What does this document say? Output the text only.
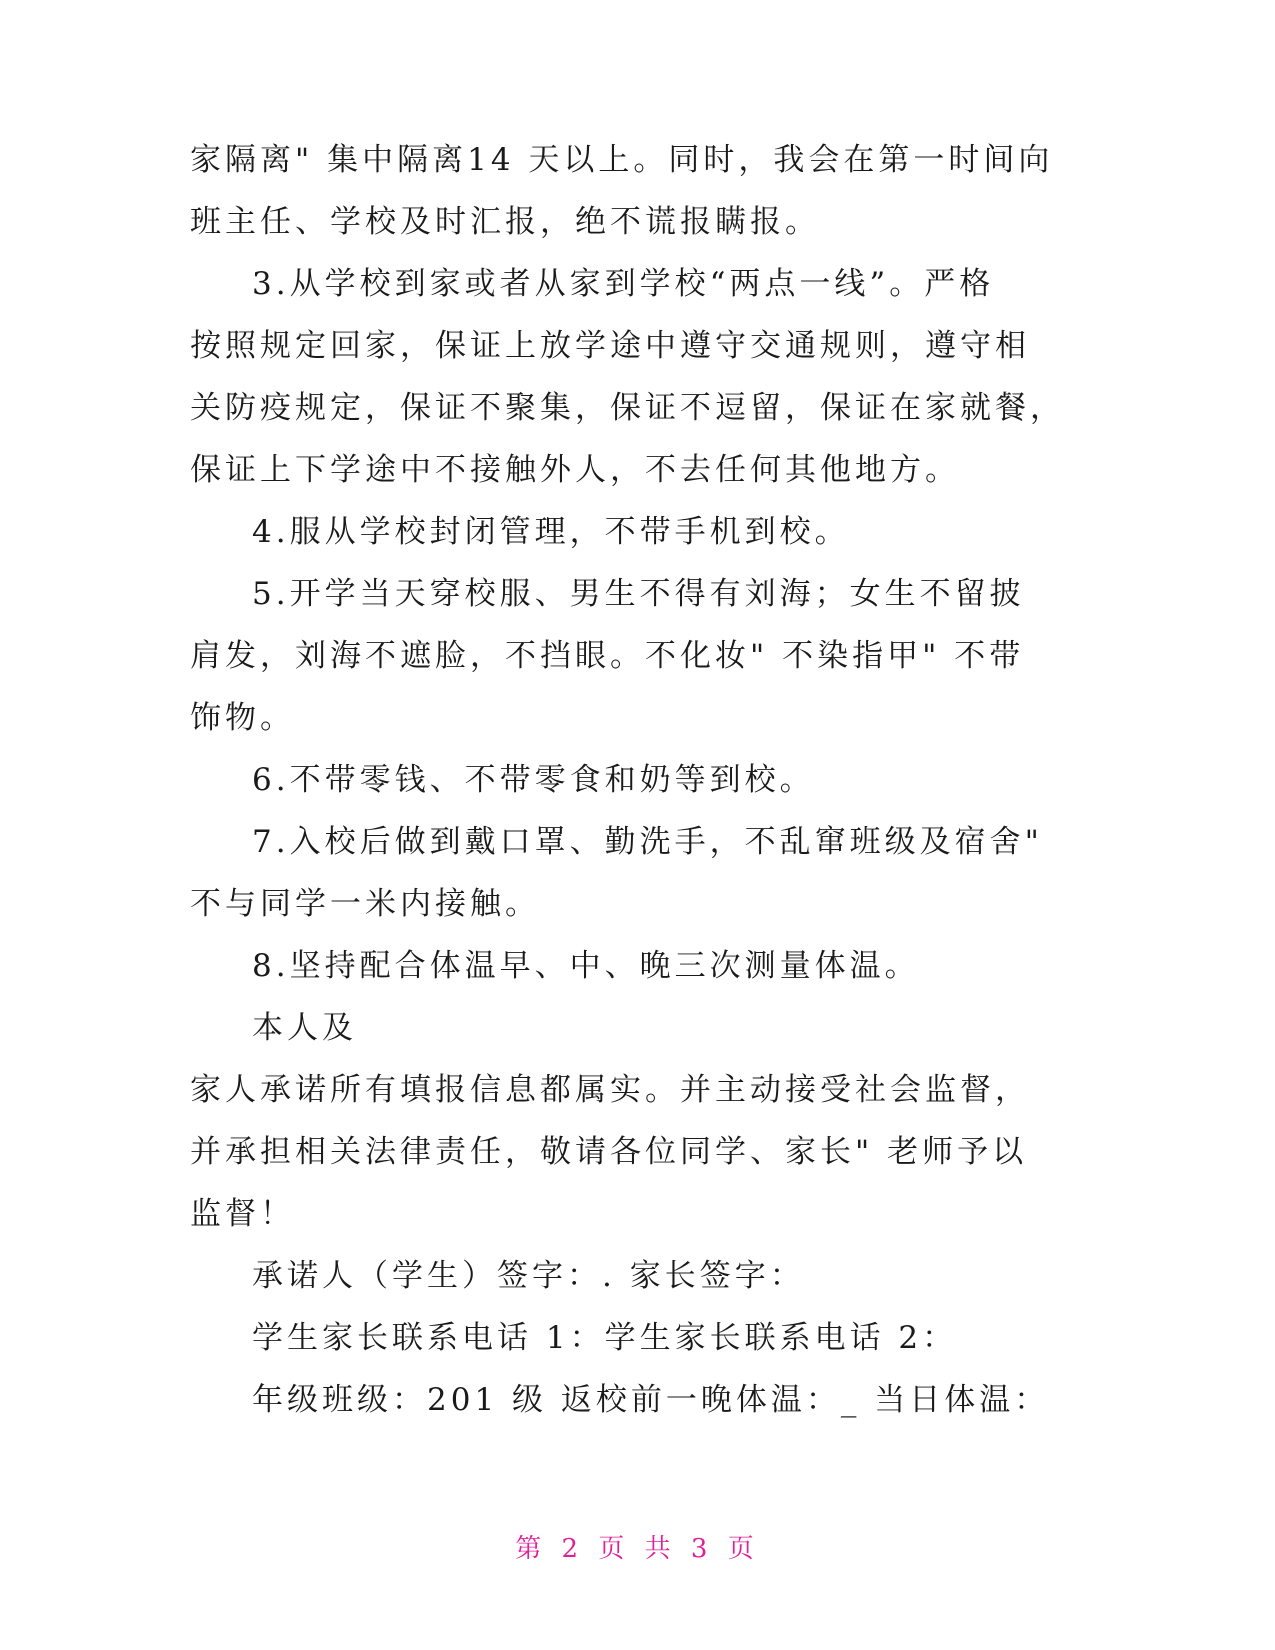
家隔离" 集中隔离14 天以上。同时，我会在第一时间向
班主任、学校及时汇报，绝不谎报瞒报。
3.从学校到家或者从家到学校“两点一线”。严格
按照规定回家，保证上放学途中遵守交通规则，遵守相
关防疫规定，保证不聚集，保证不逗留，保证在家就餐，
保证上下学途中不接触外人，不去任何其他地方。
4.服从学校封闭管理，不带手机到校。
5.开学当天穿校服、男生不得有刘海；女生不留披
肩发，刘海不遮脸，不挡眼。不化妆" 不染指甲" 不带
饰物。
6.不带零钱、不带零食和奶等到校。
7.入校后做到戴口罩、勤洗手，不乱窜班级及宿舍"
不与同学一米内接触。
8.坚持配合体温早、中、晚三次测量体温。
本人及
家人承诺所有填报信息都属实。并主动接受社会监督，
并承担相关法律责任，敬请各位同学、家长" 老师予以
监督！
承诺人（学生）签字：. 家长签字：
学生家长联系电话 1：学生家长联系电话 2：
年级班级：201 级 返校前一晚体温：_ 当日体温：
第 2 页 共 3 页
